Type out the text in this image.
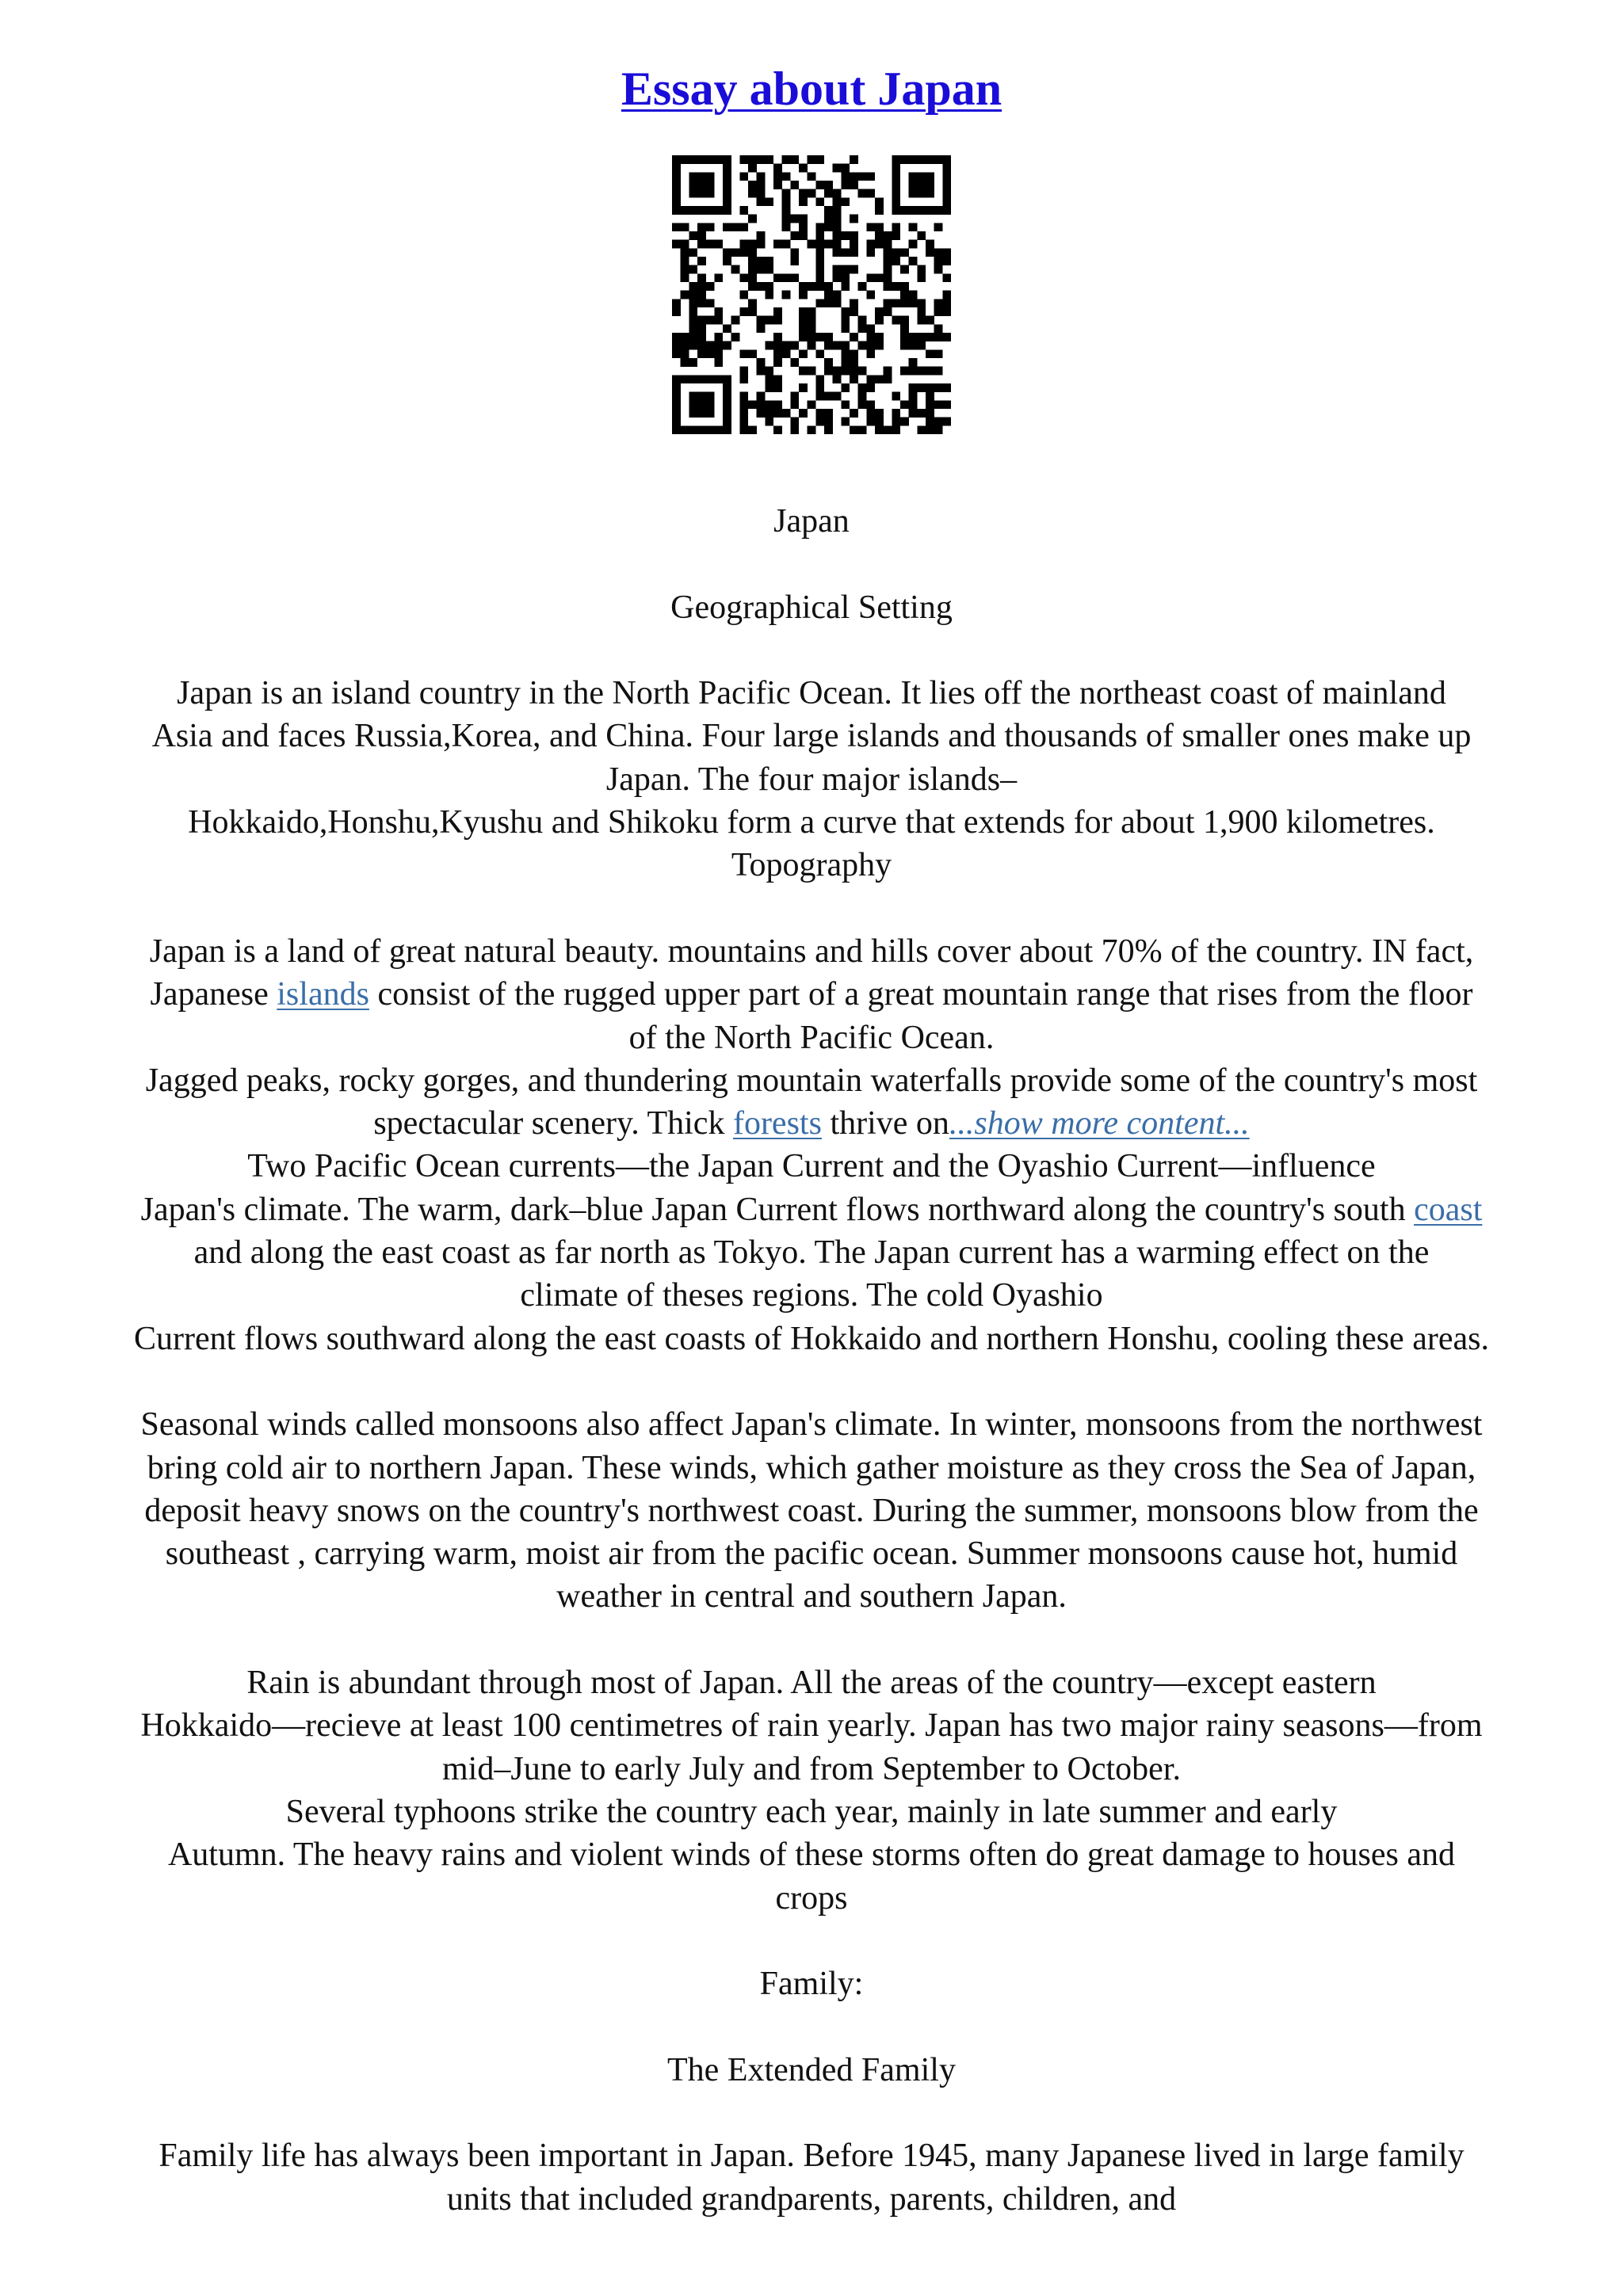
Essay about Japan
Japan
Geographical Setting
Japan is an island country in the North Pacific Ocean. It lies off the northeast coast of mainland
Asia and faces Russia,Korea, and China. Four large islands and thousands of smaller ones make up
Japan. The four major islands–
Hokkaido,Honshu,Kyushu and Shikoku form a curve that extends for about 1,900 kilometres.
Topography
Japan is a land of great natural beauty. mountains and hills cover about 70% of the country. IN fact,
Japanese islands consist of the rugged upper part of a great mountain range that rises from the floor
of the North Pacific Ocean.
Jagged peaks, rocky gorges, and thundering mountain waterfalls provide some of the country's most
spectacular scenery. Thick forests thrive on...show more content...
Two Pacific Ocean currents—the Japan Current and the Oyashio Current—influence
Japan's climate. The warm, dark–blue Japan Current flows northward along the country's south coast
and along the east coast as far north as Tokyo. The Japan current has a warming effect on the
climate of theses regions. The cold Oyashio
Current flows southward along the east coasts of Hokkaido and northern Honshu, cooling these areas.
Seasonal winds called monsoons also affect Japan's climate. In winter, monsoons from the northwest
bring cold air to northern Japan. These winds, which gather moisture as they cross the Sea of Japan,
deposit heavy snows on the country's northwest coast. During the summer, monsoons blow from the
southeast , carrying warm, moist air from the pacific ocean. Summer monsoons cause hot, humid
weather in central and southern Japan.
Rain is abundant through most of Japan. All the areas of the country—except eastern
Hokkaido—recieve at least 100 centimetres of rain yearly. Japan has two major rainy seasons—from
mid–June to early July and from September to October.
Several typhoons strike the country each year, mainly in late summer and early
Autumn. The heavy rains and violent winds of these storms often do great damage to houses and
crops
Family:
The Extended Family
Family life has always been important in Japan. Before 1945, many Japanese lived in large family
units that included grandparents, parents, children, and
